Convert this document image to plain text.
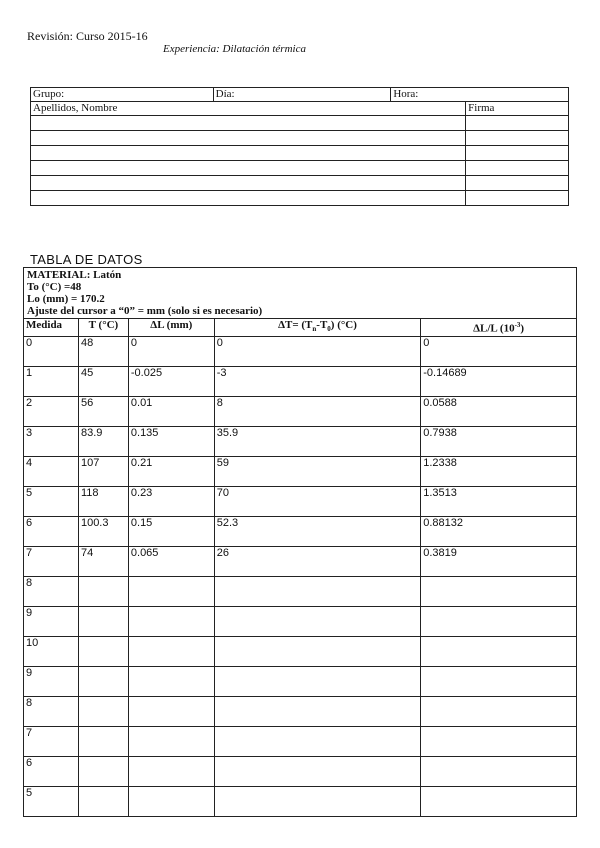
Revisión: Curso 2015-16
Experiencia: Dilatación térmica
Grupo:	Día:	Hora:	
Apellidos, Nombre			Firma

TABLA DE DATOS
MATERIAL: Latón
To (°C) =48
Lo (mm) = 170.2
Ajuste del cursor a “0” = mm (solo si es necesario)				

Medida	T (°C)	ΔL (mm)	$\Delta T= (T_n-T_0)$ (°C)	ΔL/L $(10^{-3})$
0	48	0	0	0
1	45	-0.025	-3	-0.14689
2	56	0.01	8	0.0588
3	83.9	0.135	35.9	0.7938
4	107	0.21	59	1.2338
5	118	0.23	70	1.3513
6	100.3	0.15	52.3	0.88132
7	74	0.065	26	0.3819
8				
9				
10				
9				
8				
7				
6				
5				
